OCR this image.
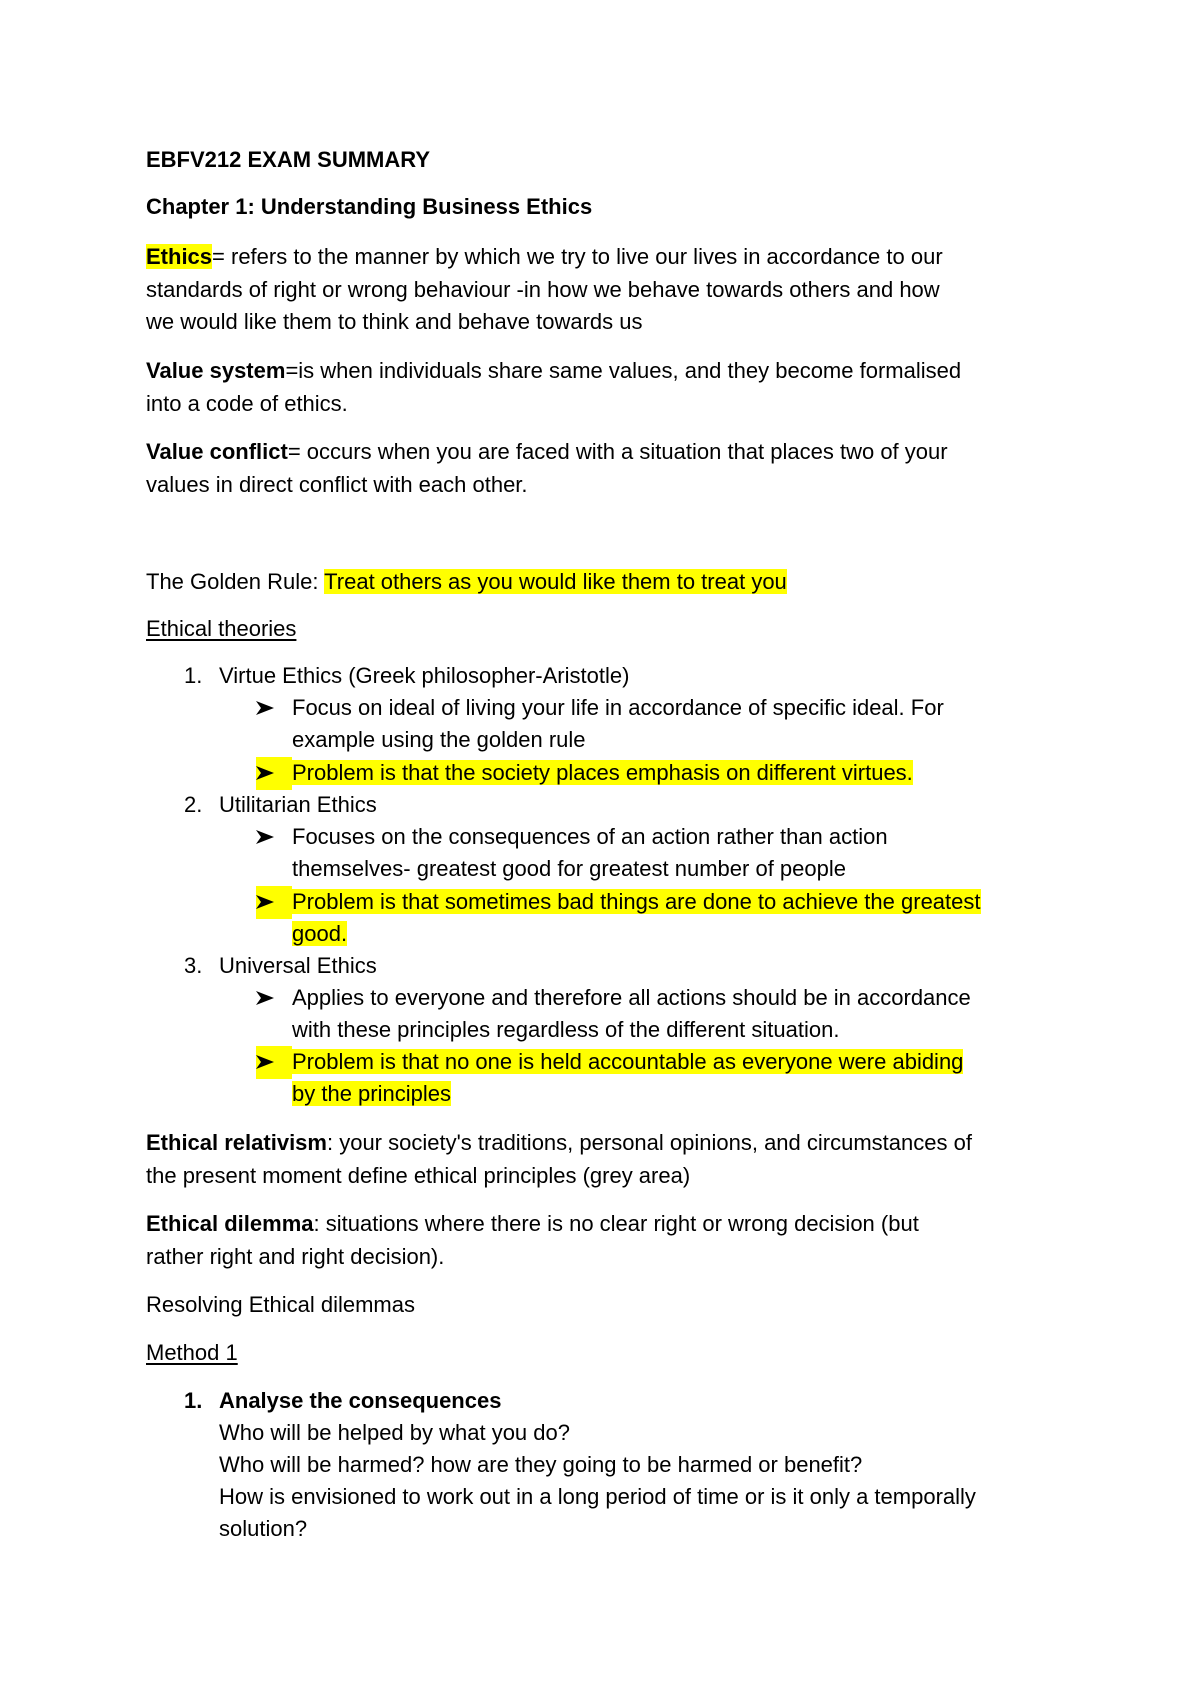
EBFV212 EXAM SUMMARY
Chapter 1: Understanding Business Ethics
Ethics= refers to the manner by which we try to live our lives in accordance to our
standards of right or wrong behaviour -in how we behave towards others and how
we would like them to think and behave towards us
Value system=is when individuals share same values, and they become formalised
into a code of ethics.
Value conflict= occurs when you are faced with a situation that places two of your
values in direct conflict with each other.
The Golden Rule: Treat others as you would like them to treat you
Ethical theories
1. Virtue Ethics (Greek philosopher-Aristotle)
Focus on ideal of living your life in accordance of specific ideal. For
example using the golden rule
Problem is that the society places emphasis on different virtues.
2. Utilitarian Ethics
Focuses on the consequences of an action rather than action
themselves- greatest good for greatest number of people
Problem is that sometimes bad things are done to achieve the greatest
good.
3. Universal Ethics
Applies to everyone and therefore all actions should be in accordance
with these principles regardless of the different situation.
Problem is that no one is held accountable as everyone were abiding
by the principles
Ethical relativism: your society's traditions, personal opinions, and circumstances of
the present moment define ethical principles (grey area)
Ethical dilemma: situations where there is no clear right or wrong decision (but
rather right and right decision).
Resolving Ethical dilemmas
Method 1
1. Analyse the consequences
Who will be helped by what you do?
Who will be harmed? how are they going to be harmed or benefit?
How is envisioned to work out in a long period of time or is it only a temporally
solution?
